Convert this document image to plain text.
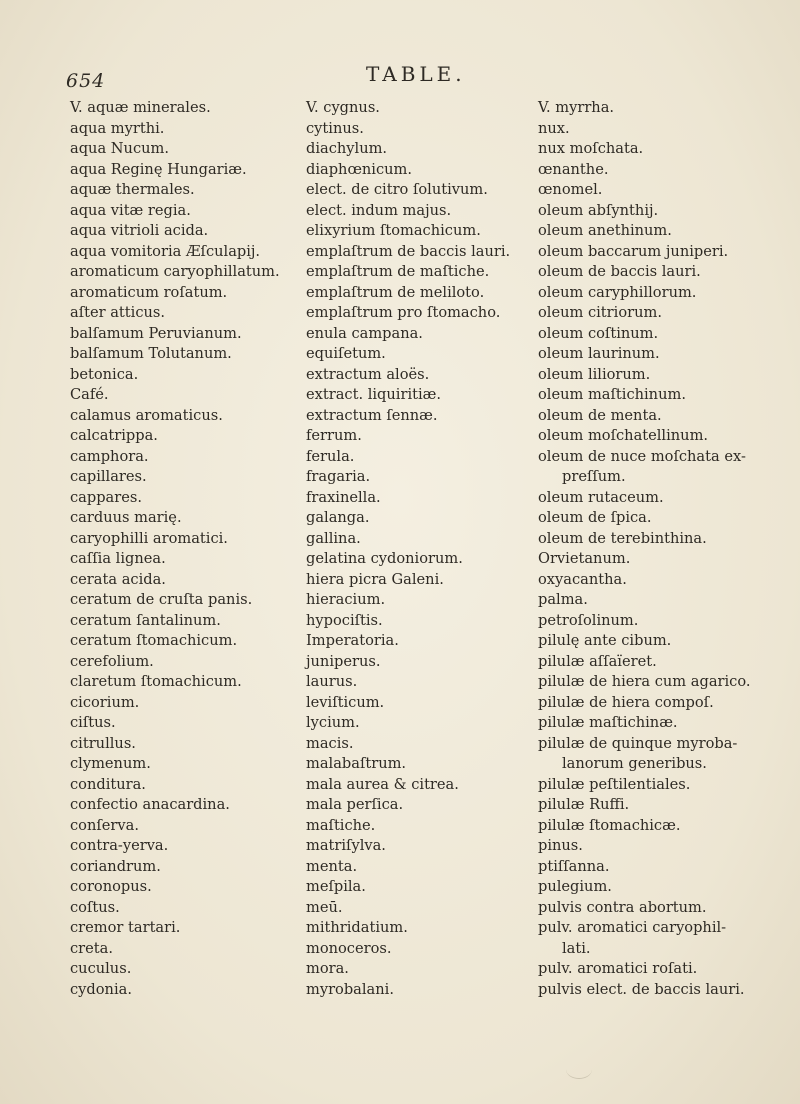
654	TABLE.
V. aquæ minerales.
aqua myrthi.
aqua Nucum.
aqua Reginę Hungariæ.
aquæ thermales.
aqua vitæ regia.
aqua vitrioli acida.
aqua vomitoria Æſculapij.
aromaticum caryophillatum.
aromaticum roſatum.
aſter atticus.
balſamum Peruvianum.
balſamum Tolutanum.
betonica.
Café.
calamus aromaticus.
calcatrippa.
camphora.
capillares.
cappares.
carduus marię.
caryophilli aromatici.
caſſia lignea.
cerata acida.
ceratum de cruſta panis.
ceratum ſantalinum.
ceratum ſtomachicum.
cerefolium.
claretum ſtomachicum.
cicorium.
ciſtus.
citrullus.
clymenum.
conditura.
confectio anacardina.
conſerva.
contra-yerva.
coriandrum.
coronopus.
coſtus.
cremor tartari.
creta.
cuculus.
cydonia.
V. cygnus.
cytinus.
diachylum.
diaphœnicum.
elect. de citro ſolutivum.
elect. indum majus.
elixyrium ſtomachicum.
emplaſtrum de baccis lauri.
emplaſtrum de maſtiche.
emplaſtrum de meliloto.
emplaſtrum pro ſtomacho.
enula campana.
equiſetum.
extractum aloës.
extract. liquiritiæ.
extractum ſennæ.
ferrum.
ferula.
fragaria.
fraxinella.
galanga.
gallina.
gelatina cydoniorum.
hiera picra Galeni.
hieracium.
hypociſtis.
Imperatoria.
juniperus.
laurus.
leviſticum.
lycium.
macis.
malabaſtrum.
mala aurea & citrea.
mala perſica.
maſtiche.
matriſylva.
menta.
meſpila.
meū.
mithridatium.
monoceros.
mora.
myrobalani.
V. myrrha.
nux.
nux moſchata.
œnanthe.
œnomel.
oleum abſynthij.
oleum anethinum.
oleum baccarum juniperi.
oleum de baccis lauri.
oleum caryphillorum.
oleum citriorum.
oleum coſtinum.
oleum laurinum.
oleum liliorum.
oleum maſtichinum.
oleum de menta.
oleum moſchatellinum.
oleum de nuce moſchata ex-
preſſum.
oleum rutaceum.
oleum de ſpica.
oleum de terebinthina.
Orvietanum.
oxyacantha.
palma.
petroſolinum.
pilulę ante cibum.
pilulæ aſſaïeret.
pilulæ de hiera cum agarico.
pilulæ de hiera compoſ.
pilulæ maſtichinæ.
pilulæ de quinque myroba-
lanorum generibus.
pilulæ peſtilentiales.
pilulæ Ruffi.
pilulæ ſtomachicæ.
pinus.
ptiſſanna.
pulegium.
pulvis contra abortum.
pulv. aromatici caryophil-
lati.
pulv. aromatici roſati.
pulvis elect. de baccis lauri.
